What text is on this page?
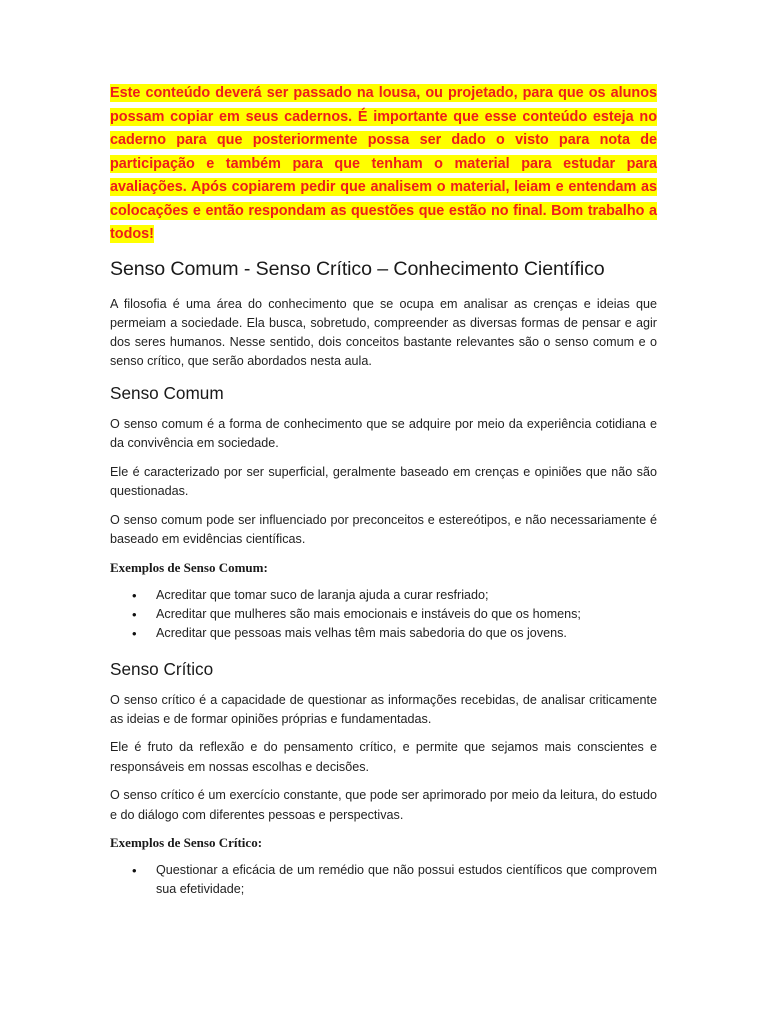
Este conteúdo deverá ser passado na lousa, ou projetado, para que os alunos possam copiar em seus cadernos. É importante que esse conteúdo esteja no caderno para que posteriormente possa ser dado o visto para nota de participação e também para que tenham o material para estudar para avaliações. Após copiarem pedir que analisem o material, leiam e entendam as colocações e então respondam as questões que estão no final. Bom trabalho a todos!

Senso Comum - Senso Crítico – Conhecimento Científico

A filosofia é uma área do conhecimento que se ocupa em analisar as crenças e ideias que permeiam a sociedade. Ela busca, sobretudo, compreender as diversas formas de pensar e agir dos seres humanos. Nesse sentido, dois conceitos bastante relevantes são o senso comum e o senso crítico, que serão abordados nesta aula.

Senso Comum

O senso comum é a forma de conhecimento que se adquire por meio da experiência cotidiana e da convivência em sociedade.

Ele é caracterizado por ser superficial, geralmente baseado em crenças e opiniões que não são questionadas.

O senso comum pode ser influenciado por preconceitos e estereótipos, e não necessariamente é baseado em evidências científicas.

Exemplos de Senso Comum:

• Acreditar que tomar suco de laranja ajuda a curar resfriado;
• Acreditar que mulheres são mais emocionais e instáveis do que os homens;
• Acreditar que pessoas mais velhas têm mais sabedoria do que os jovens.
Senso Crítico

O senso crítico é a capacidade de questionar as informações recebidas, de analisar criticamente as ideias e de formar opiniões próprias e fundamentadas.

Ele é fruto da reflexão e do pensamento crítico, e permite que sejamos mais conscientes e responsáveis em nossas escolhas e decisões.

O senso crítico é um exercício constante, que pode ser aprimorado por meio da leitura, do estudo e do diálogo com diferentes pessoas e perspectivas.

Exemplos de Senso Crítico:

• Questionar a eficácia de um remédio que não possui estudos científicos que comprovem sua efetividade;
